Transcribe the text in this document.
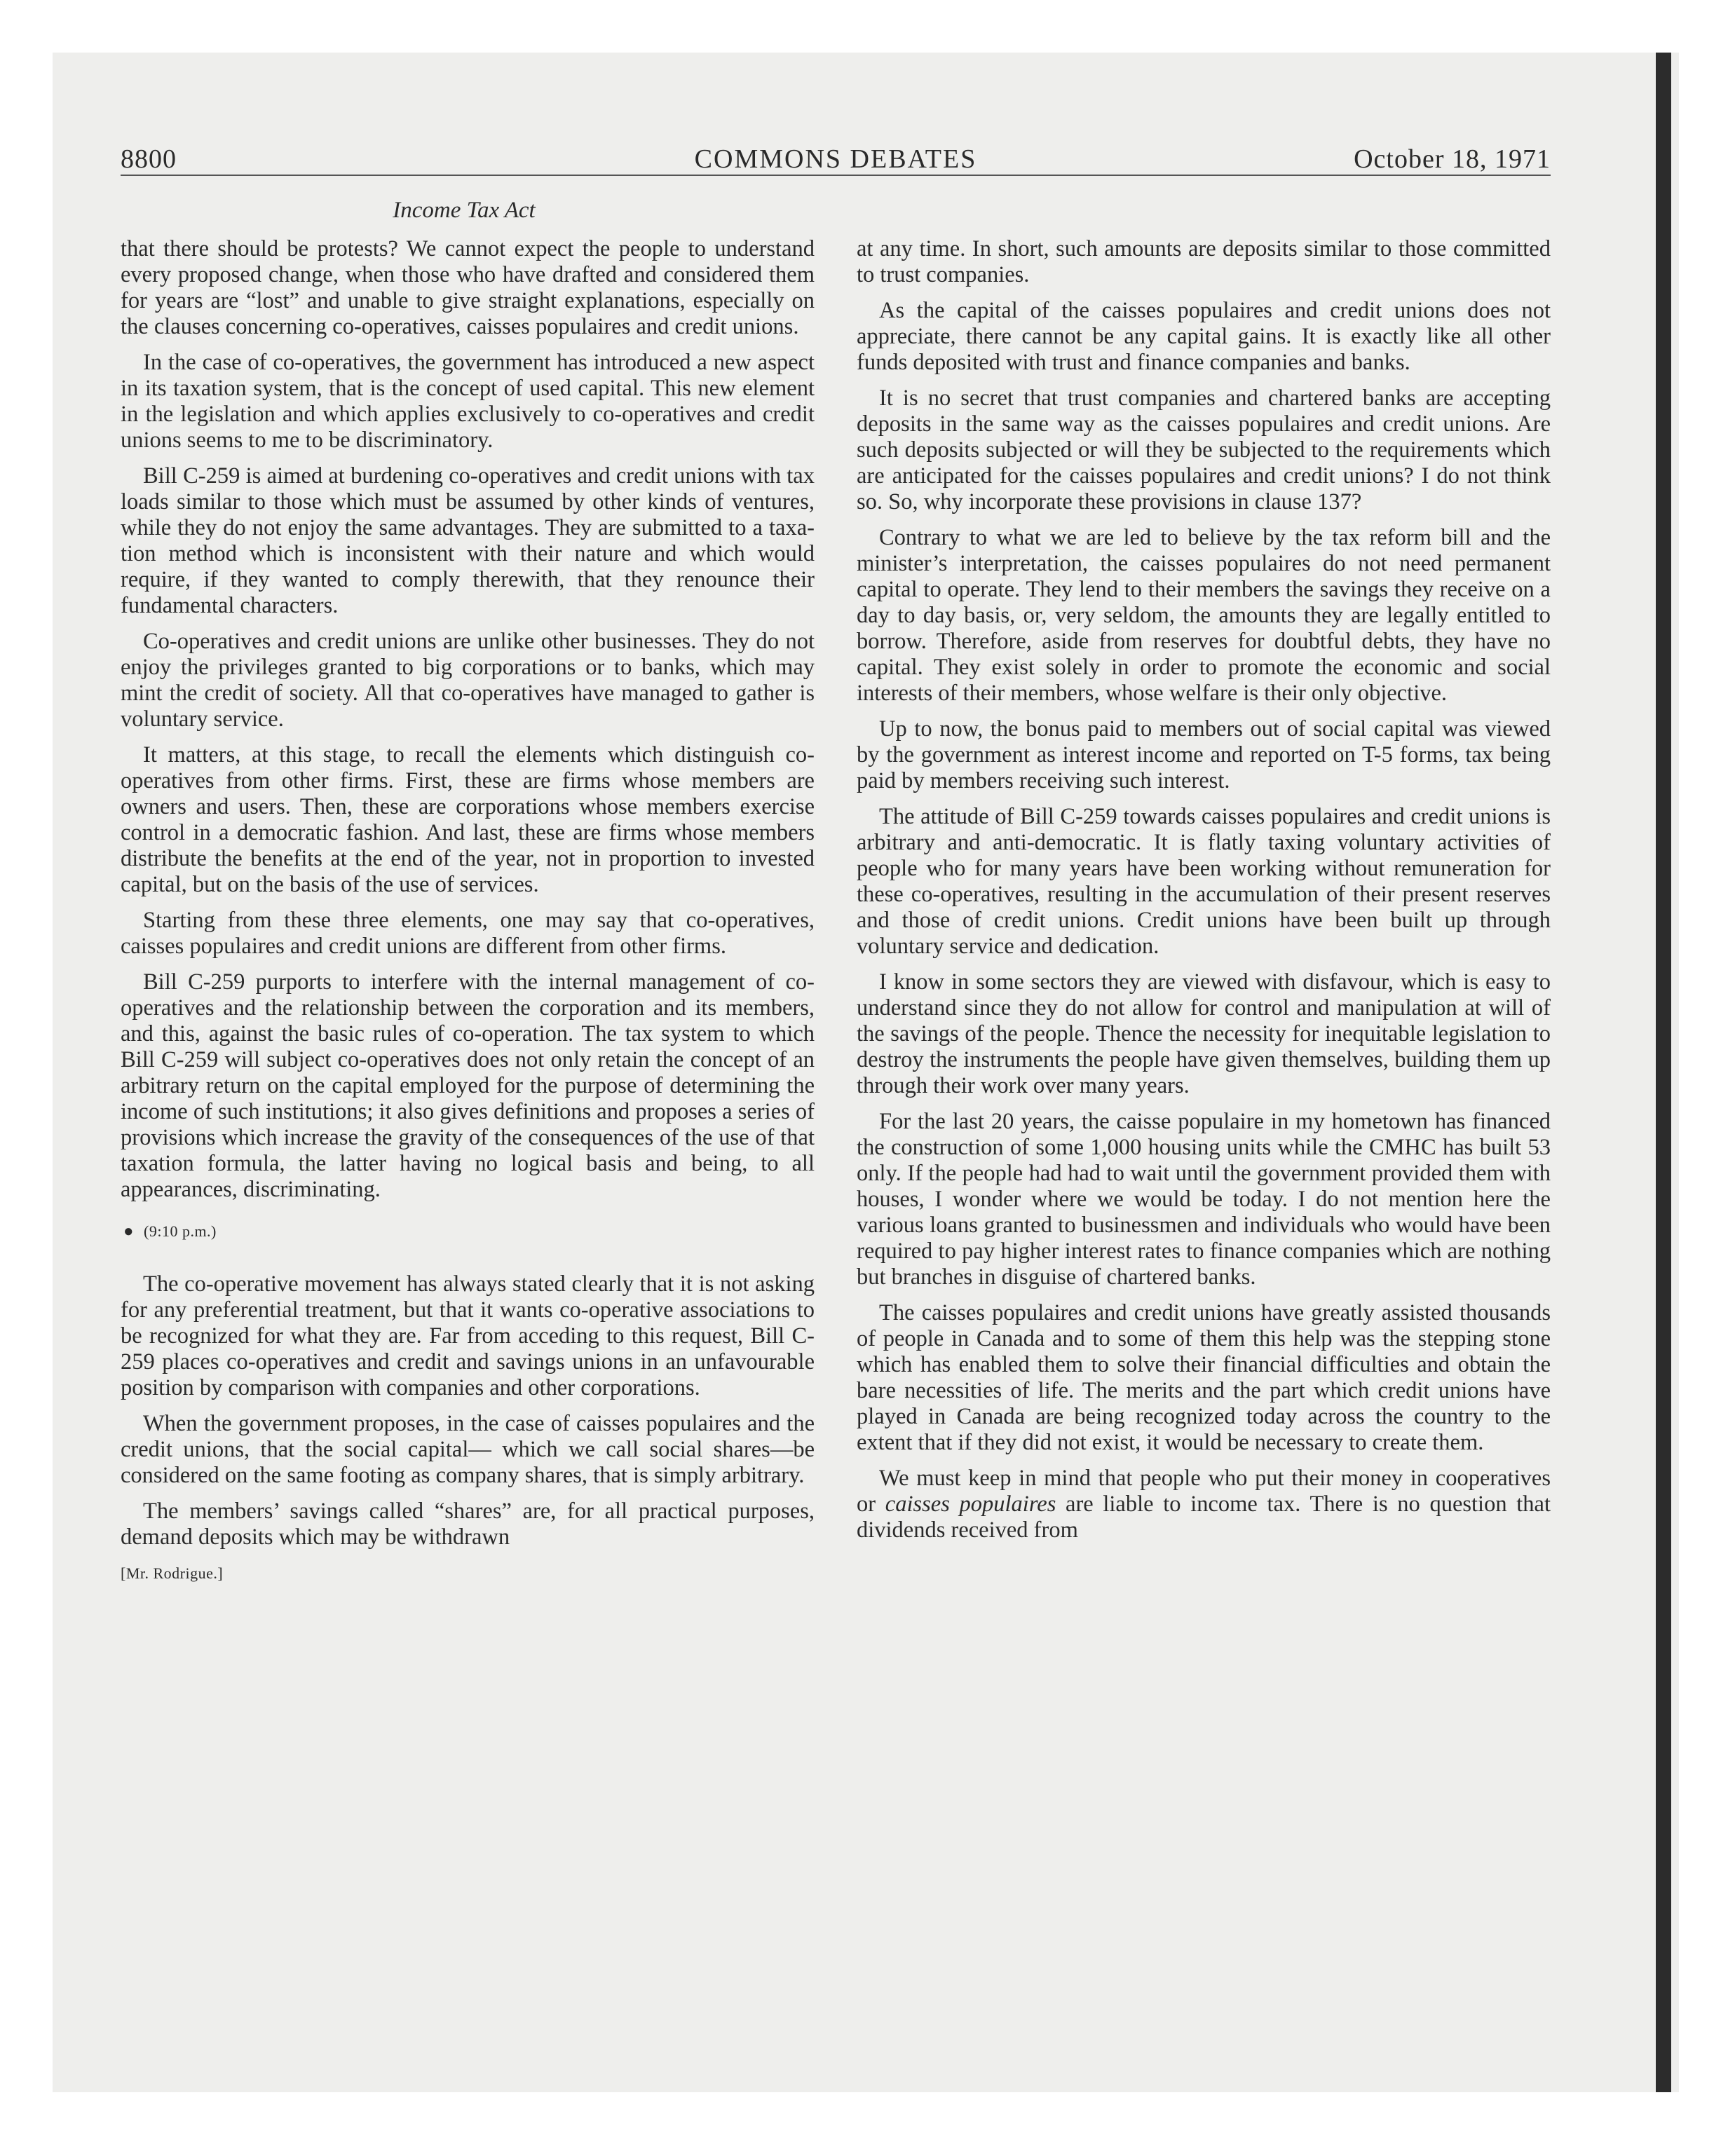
8800	COMMONS DEBATES	October 18, 1971
Income Tax Act

that there should be protests? We cannot expect the people to understand every proposed change, when those who have drafted and considered them for years are “lost” and unable to give straight explanations, especially on the clauses concerning co-operatives, caisses populaires and credit unions.

In the case of co-operatives, the government has introduced a new aspect in its taxation system, that is the concept of used capital. This new element in the legislation and which applies exclusively to co-operatives and credit unions seems to me to be discriminatory.

Bill C-259 is aimed at burdening co-operatives and credit unions with tax loads similar to those which must be assumed by other kinds of ventures, while they do not enjoy the same advantages. They are submitted to a taxation method which is inconsistent with their nature and which would require, if they wanted to comply therewith, that they renounce their fundamental characters.

Co-operatives and credit unions are unlike other businesses. They do not enjoy the privileges granted to big corporations or to banks, which may mint the credit of society. All that co-operatives have managed to gather is voluntary service.

It matters, at this stage, to recall the elements which distinguish co-operatives from other firms. First, these are firms whose members are owners and users. Then, these are corporations whose members exercise control in a democratic fashion. And last, these are firms whose members distribute the benefits at the end of the year, not in proportion to invested capital, but on the basis of the use of services.

Starting from these three elements, one may say that co-operatives, caisses populaires and credit unions are different from other firms.

Bill C-259 purports to interfere with the internal management of co-operatives and the relationship between the corporation and its members, and this, against the basic rules of co-operation. The tax system to which Bill C-259 will subject co-operatives does not only retain the concept of an arbitrary return on the capital employed for the purpose of determining the income of such institutions; it also gives definitions and proposes a series of provisions which increase the gravity of the consequences of the use of that taxation formula, the latter having no logical basis and being, to all appearances, discriminating.

● (9:10 p.m.)

The co-operative movement has always stated clearly that it is not asking for any preferential treatment, but that it wants co-operative associations to be recognized for what they are. Far from acceding to this request, Bill C-259 places co-operatives and credit and savings unions in an unfavourable position by comparison with companies and other corporations.

When the government proposes, in the case of caisses populaires and the credit unions, that the social capital— which we call social shares—be considered on the same footing as company shares, that is simply arbitrary.

The members’ savings called “shares” are, for all practical purposes, demand deposits which may be withdrawn

[Mr. Rodrigue.]

at any time. In short, such amounts are deposits similar to those committed to trust companies.

As the capital of the caisses populaires and credit unions does not appreciate, there cannot be any capital gains. It is exactly like all other funds deposited with trust and finance companies and banks.

It is no secret that trust companies and chartered banks are accepting deposits in the same way as the caisses populaires and credit unions. Are such deposits subjected or will they be subjected to the requirements which are anticipated for the caisses populaires and credit unions? I do not think so. So, why incorporate these provisions in clause 137?

Contrary to what we are led to believe by the tax reform bill and the minister’s interpretation, the caisses populaires do not need permanent capital to operate. They lend to their members the savings they receive on a day to day basis, or, very seldom, the amounts they are legally entitled to borrow. Therefore, aside from reserves for doubtful debts, they have no capital. They exist solely in order to promote the economic and social interests of their members, whose welfare is their only objective.

Up to now, the bonus paid to members out of social capital was viewed by the government as interest income and reported on T-5 forms, tax being paid by members receiving such interest.

The attitude of Bill C-259 towards caisses populaires and credit unions is arbitrary and anti-democratic. It is flatly taxing voluntary activities of people who for many years have been working without remuneration for these co-operatives, resulting in the accumulation of their present reserves and those of credit unions. Credit unions have been built up through voluntary service and dedication.

I know in some sectors they are viewed with disfavour, which is easy to understand since they do not allow for control and manipulation at will of the savings of the people. Thence the necessity for inequitable legislation to destroy the instruments the people have given themselves, building them up through their work over many years.

For the last 20 years, the caisse populaire in my hometown has financed the construction of some 1,000 housing units while the CMHC has built 53 only. If the people had had to wait until the government provided them with houses, I wonder where we would be today. I do not mention here the various loans granted to businessmen and individuals who would have been required to pay higher interest rates to finance companies which are nothing but branches in disguise of chartered banks.

The caisses populaires and credit unions have greatly assisted thousands of people in Canada and to some of them this help was the stepping stone which has enabled them to solve their financial difficulties and obtain the bare necessities of life. The merits and the part which credit unions have played in Canada are being recognized today across the country to the extent that if they did not exist, it would be necessary to create them.

We must keep in mind that people who put their money in cooperatives or caisses populaires are liable to income tax. There is no question that dividends received from
